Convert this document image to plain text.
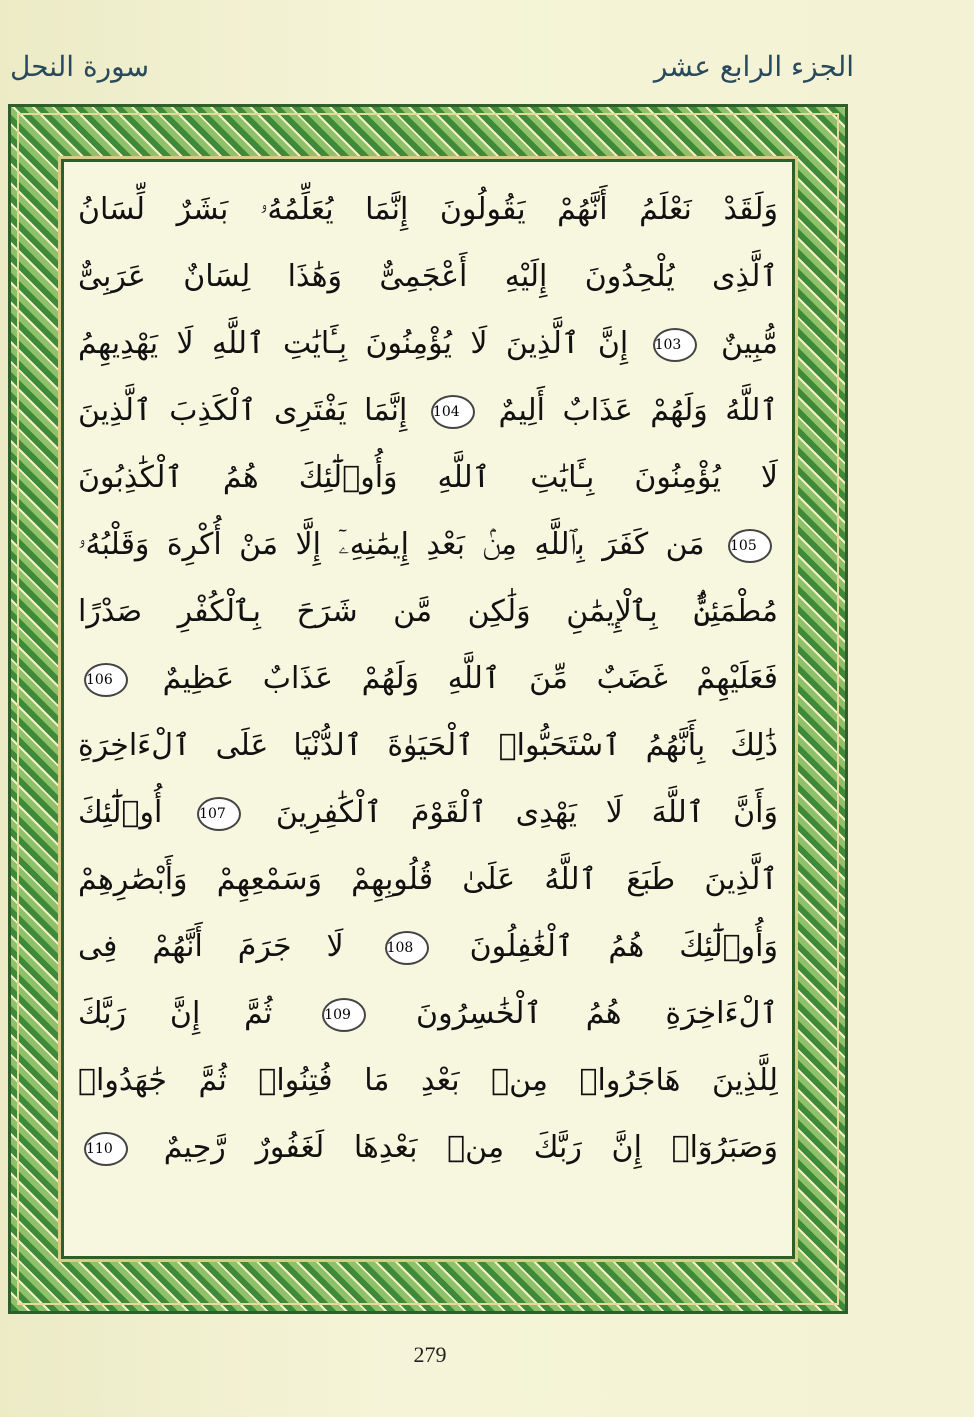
الجزء الرابع عشر
سورة النحل
وَلَقَدْ نَعْلَمُ أَنَّهُمْ يَقُولُونَ إِنَّمَا يُعَلِّمُهُۥ بَشَرٌ لِّسَانُ
ٱلَّذِى يُلْحِدُونَ إِلَيْهِ أَعْجَمِىٌّ وَهَٰذَا لِسَانٌ عَرَبِىٌّ
مُّبِينٌ 103 إِنَّ ٱلَّذِينَ لَا يُؤْمِنُونَ بِـَٔايَٰتِ ٱللَّهِ لَا يَهْدِيهِمُ
ٱللَّهُ وَلَهُمْ عَذَابٌ أَلِيمٌ 104 إِنَّمَا يَفْتَرِى ٱلْكَذِبَ ٱلَّذِينَ
لَا يُؤْمِنُونَ بِـَٔايَٰتِ ٱللَّهِ وَأُو۟لَٰٓئِكَ هُمُ ٱلْكَٰذِبُونَ
105 مَن كَفَرَ بِٱللَّهِ مِنۢ بَعْدِ إِيمَٰنِهِۦٓ إِلَّا مَنْ أُكْرِهَ وَقَلْبُهُۥ
مُطْمَئِنٌّۢ بِٱلْإِيمَٰنِ وَلَٰكِن مَّن شَرَحَ بِٱلْكُفْرِ صَدْرًا
فَعَلَيْهِمْ غَضَبٌ مِّنَ ٱللَّهِ وَلَهُمْ عَذَابٌ عَظِيمٌ 106
ذَٰلِكَ بِأَنَّهُمُ ٱسْتَحَبُّوا۟ ٱلْحَيَوٰةَ ٱلدُّنْيَا عَلَى ٱلْءَاخِرَةِ
وَأَنَّ ٱللَّهَ لَا يَهْدِى ٱلْقَوْمَ ٱلْكَٰفِرِينَ 107 أُو۟لَٰٓئِكَ
ٱلَّذِينَ طَبَعَ ٱللَّهُ عَلَىٰ قُلُوبِهِمْ وَسَمْعِهِمْ وَأَبْصَٰرِهِمْ
وَأُو۟لَٰٓئِكَ هُمُ ٱلْغَٰفِلُونَ 108 لَا جَرَمَ أَنَّهُمْ فِى
ٱلْءَاخِرَةِ هُمُ ٱلْخَٰسِرُونَ 109 ثُمَّ إِنَّ رَبَّكَ
لِلَّذِينَ هَاجَرُوا۟ مِنۢ بَعْدِ مَا فُتِنُوا۟ ثُمَّ جَٰهَدُوا۟
وَصَبَرُوٓا۟ إِنَّ رَبَّكَ مِنۢ بَعْدِهَا لَغَفُورٌ رَّحِيمٌ 110
279
